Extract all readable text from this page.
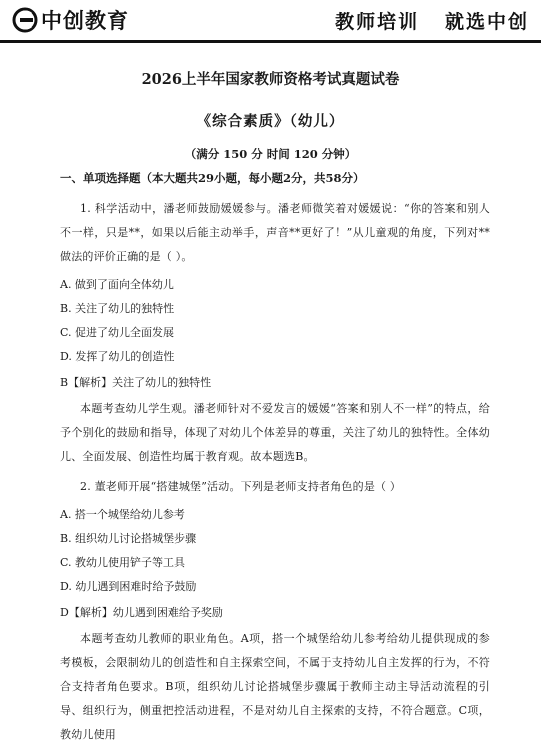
中创教育	教师培训   就选中创
2026上半年国家教师资格考试真题试卷
《综合素质》（幼儿）
（满分 150 分 时间 120 分钟）
一、单项选择题（本大题共29小题，每小题2分，共58分）
1. 科学活动中，潘老师鼓励媛媛参与。潘老师微笑着对媛媛说：“你的答案和别人不一样，只是**，如果以后能主动举手，声音**更好了！”从儿童观的角度，下列对**做法的评价正确的是（ ）。
A. 做到了面向全体幼儿
B. 关注了幼儿的独特性
C. 促进了幼儿全面发展
D. 发挥了幼儿的创造性
B【解析】关注了幼儿的独特性
本题考查幼儿学生观。潘老师针对不爱发言的媛媛“答案和别人不一样”的特点，给予个别化的鼓励和指导，体现了对幼儿个体差异的尊重，关注了幼儿的独特性。全体幼儿、全面发展、创造性均属于教育观。故本题选B。
2. 董老师开展“搭建城堡”活动。下列是老师支持者角色的是（ ）
A. 搭一个城堡给幼儿参考
B. 组织幼儿讨论搭城堡步骤
C. 教幼儿使用铲子等工具
D. 幼儿遇到困难时给予鼓励
D【解析】幼儿遇到困难给予奖励
本题考查幼儿教师的职业角色。A项，搭一个城堡给幼儿参考给幼儿提供现成的参考模板，会限制幼儿的创造性和自主探索空间，不属于支持幼儿自主发挥的行为，不符合支持者角色要求。B项，组织幼儿讨论搭城堡步骤属于教师主动主导活动流程的引导、组织行为，侧重把控活动进程，不是对幼儿自主探索的支持，不符合题意。C项，教幼儿使用
